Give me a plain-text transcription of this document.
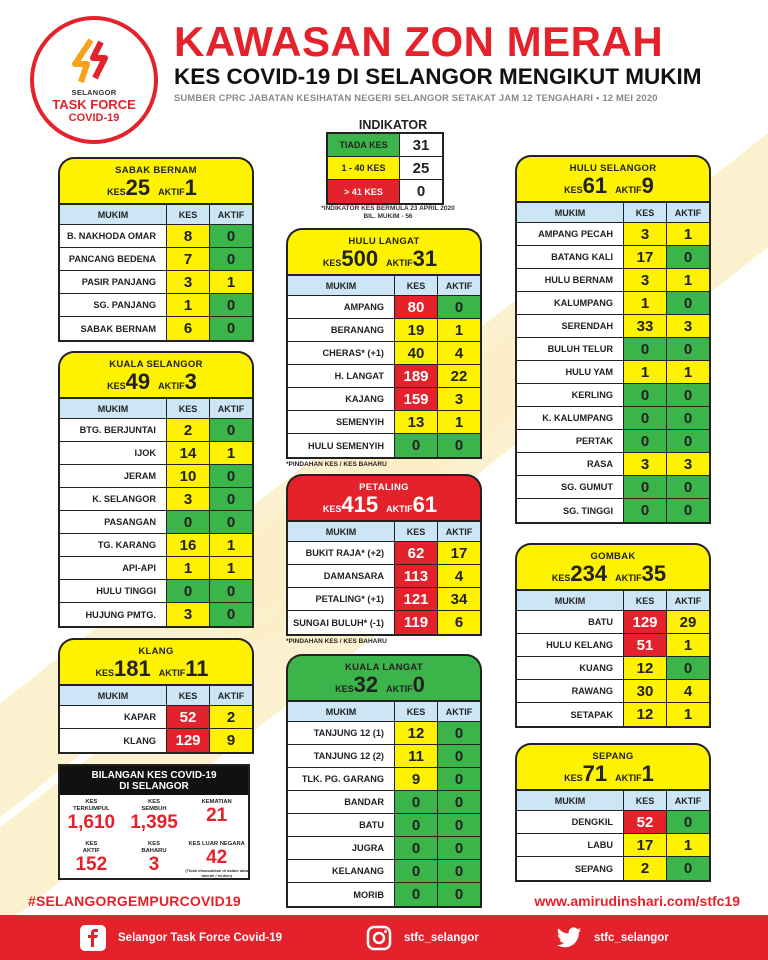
SELANGOR
TASK FORCE
COVID-19
KAWASAN ZON MERAH
KES COVID-19 DI SELANGOR MENGIKUT MUKIM
SUMBER CPRC JABATAN KESIHATAN NEGERI SELANGOR SETAKAT JAM 12 TENGAHARI • 12 MEI 2020
INDIKATOR
TIADA KES	31
1 - 40 KES	25
> 41 KES	0
*INDIKATOR KES BERMULA 23 APRIL 2020
BIL. MUKIM - 56
SABAK BERNAM
KES 25 AKTIF 1
MUKIM	KES	AKTIF
B. NAKHODA OMAR	8	0
PANCANG BEDENA	7	0
PASIR PANJANG	3	1
SG. PANJANG	1	0
SABAK BERNAM	6	0
KUALA SELANGOR
KES 49 AKTIF 3
MUKIM	KES	AKTIF
BTG. BERJUNTAI	2	0
IJOK	14	1
JERAM	10	0
K. SELANGOR	3	0
PASANGAN	0	0
TG. KARANG	16	1
API-API	1	1
HULU TINGGI	0	0
HUJUNG PMTG.	3	0
KLANG
KES 181 AKTIF 11
MUKIM	KES	AKTIF
KAPAR	52	2
KLANG	129	9
HULU LANGAT
KES 500 AKTIF 31
MUKIM	KES	AKTIF
AMPANG	80	0
BERANANG	19	1
CHERAS* (+1)	40	4
H. LANGAT	189	22
KAJANG	159	3
SEMENYIH	13	1
HULU SEMENYIH	0	0
*PINDAHAN KES / KES BAHARU
PETALING
KES 415 AKTIF 61
MUKIM	KES	AKTIF
BUKIT RAJA* (+2)	62	17
DAMANSARA	113	4
PETALING* (+1)	121	34
SUNGAI BULUH* (-1)	119	6
*PINDAHAN KES / KES BAHARU
KUALA LANGAT
KES 32 AKTIF 0
MUKIM	KES	AKTIF
TANJUNG 12 (1)	12	0
TANJUNG 12 (2)	11	0
TLK. PG. GARANG	9	0
BANDAR	0	0
BATU	0	0
JUGRA	0	0
KELANANG	0	0
MORIB	0	0
HULU SELANGOR
KES 61 AKTIF 9
MUKIM	KES	AKTIF
AMPANG PECAH	3	1
BATANG KALI	17	0
HULU BERNAM	3	1
KALUMPANG	1	0
SERENDAH	33	3
BULUH TELUR	0	0
HULU YAM	1	1
KERLING	0	0
K. KALUMPANG	0	0
PERTAK	0	0
RASA	3	3
SG. GUMUT	0	0
SG. TINGGI	0	0
GOMBAK
KES 234 AKTIF 35
MUKIM	KES	AKTIF
BATU	129	29
HULU KELANG	51	1
KUANG	12	0
RAWANG	30	4
SETAPAK	12	1
SEPANG
KES 71 AKTIF 1
MUKIM	KES	AKTIF
DENGKIL	52	0
LABU	17	1
SEPANG	2	0
BILANGAN KES COVID-19
DI SELANGOR
KES
TERKUMPUL
1,610
KES
SEMBUH
1,395
KEMATIAN
21
KES
AKTIF
152
KES
BAHARU
3
KES LUAR NEGARA
42
(Tidak dimasukkan di dalam data daerah / mukim)
#SELANGORGEMPURCOVID19	www.amirudinshari.com/stfc19
Selangor Task Force Covid-19	stfc_selangor	stfc_selangor
